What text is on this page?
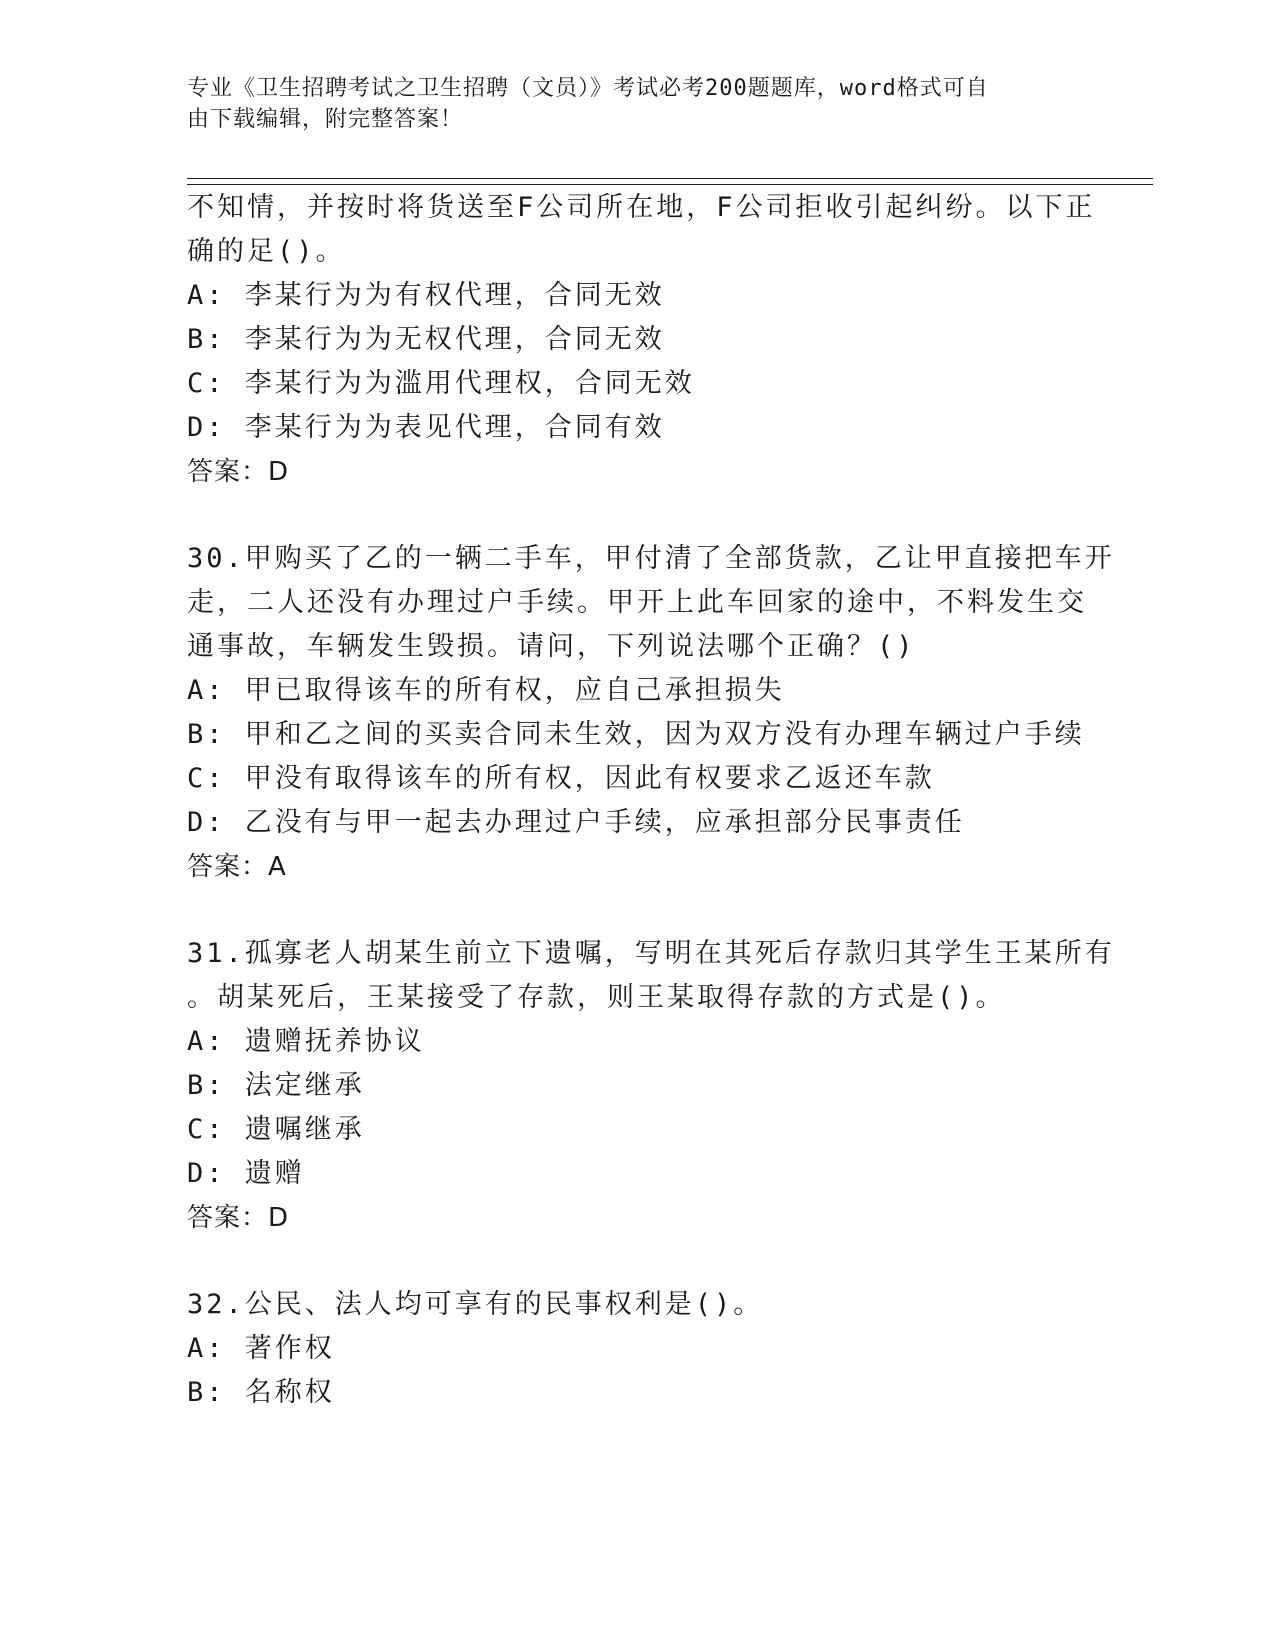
专业《卫生招聘考试之卫生招聘（文员）》考试必考200题题库，word格式可自
由下载编辑，附完整答案！
不知情，并按时将货送至F公司所在地，F公司拒收引起纠纷。以下正
确的足()。
A: 李某行为为有权代理，合同无效
B: 李某行为为无权代理，合同无效
C: 李某行为为滥用代理权，合同无效
D: 李某行为为表见代理，合同有效
答案：D
30.甲购买了乙的一辆二手车，甲付清了全部货款，乙让甲直接把车开
走，二人还没有办理过户手续。甲开上此车回家的途中，不料发生交
通事故，车辆发生毁损。请问，下列说法哪个正确？()
A: 甲已取得该车的所有权，应自己承担损失
B: 甲和乙之间的买卖合同未生效，因为双方没有办理车辆过户手续
C: 甲没有取得该车的所有权，因此有权要求乙返还车款
D: 乙没有与甲一起去办理过户手续，应承担部分民事责任
答案：A
31.孤寡老人胡某生前立下遗嘱，写明在其死后存款归其学生王某所有
。胡某死后，王某接受了存款，则王某取得存款的方式是()。
A: 遗赠抚养协议
B: 法定继承
C: 遗嘱继承
D: 遗赠
答案：D
32.公民、法人均可享有的民事权利是()。
A: 著作权
B: 名称权
